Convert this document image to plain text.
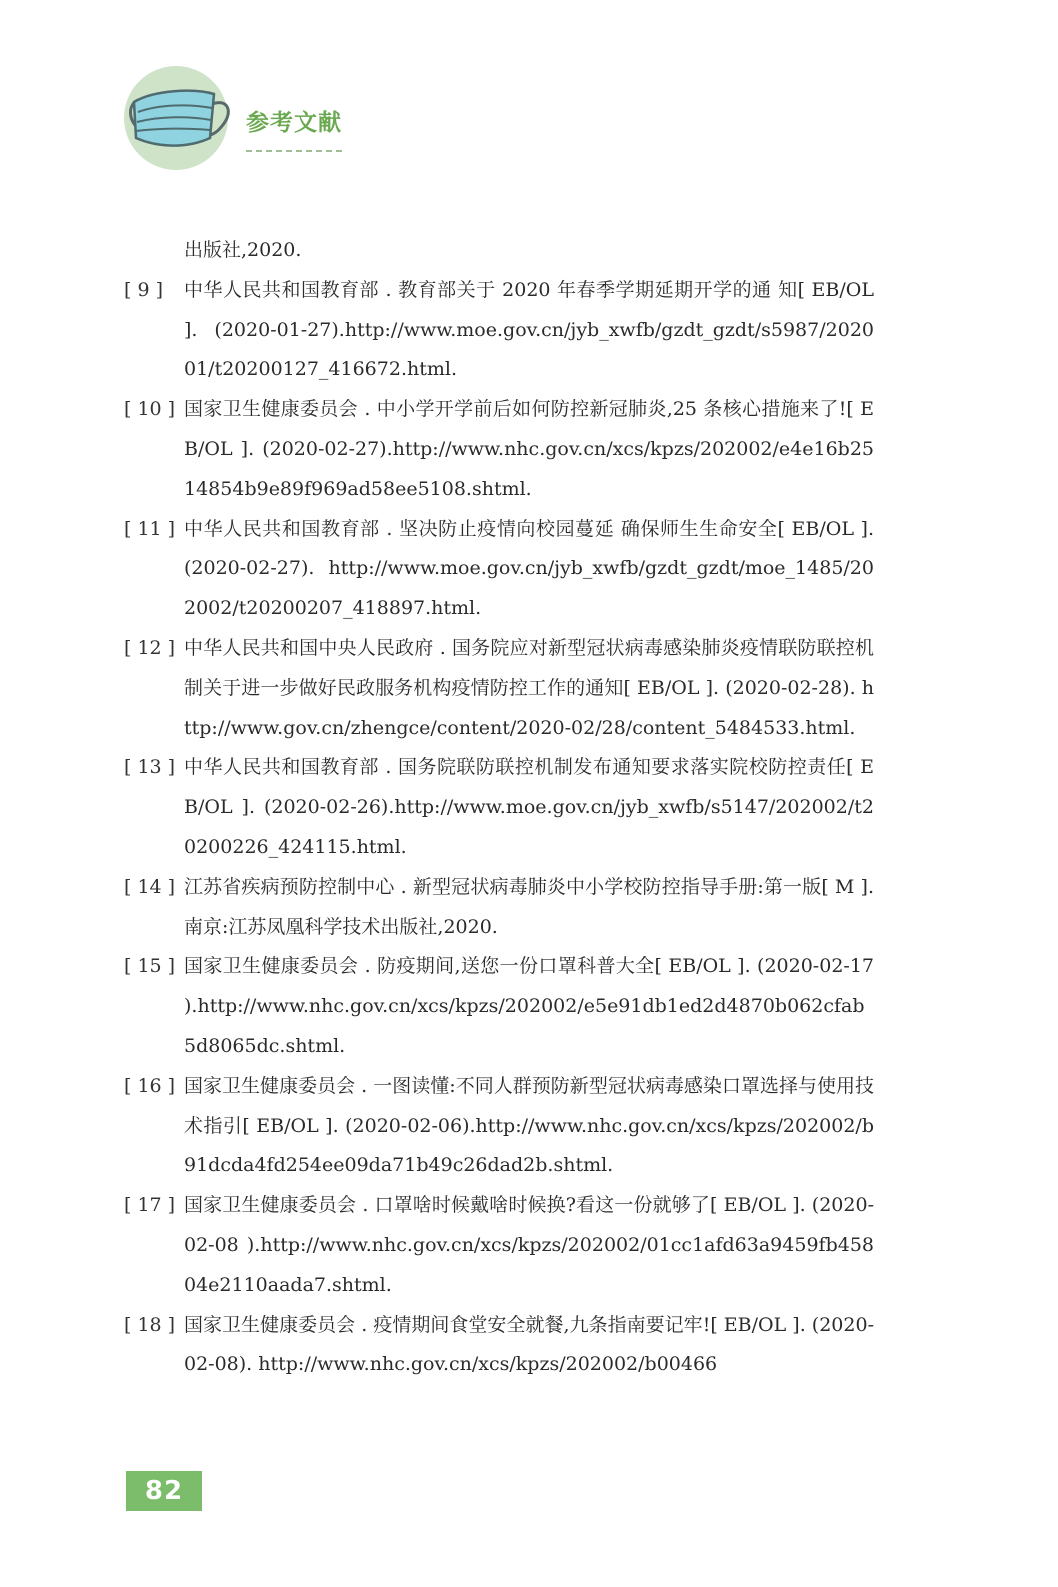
参考文献
出版社,2020.
[ 9 ] 中华人民共和国教育部 . 教育部关于 2020 年春季学期延期开学的通 知[ EB/OL ]. (2020-01-27).http://www.moe.gov.cn/jyb_xwfb/gzdt_gzdt/s5987/202001/t20200127_416672.html.
[ 10 ] 国家卫生健康委员会 . 中小学开学前后如何防控新冠肺炎,25 条核心措施来了![ EB/OL ]. (2020-02-27).http://www.nhc.gov.cn/xcs/kpzs/202002/e4e16b2514854b9e89f969ad58ee5108.shtml.
[ 11 ] 中华人民共和国教育部 . 坚决防止疫情向校园蔓延 确保师生生命安全[ EB/OL ]. (2020-02-27). http://www.moe.gov.cn/jyb_xwfb/gzdt_gzdt/moe_1485/202002/t20200207_418897.html.
[ 12 ] 中华人民共和国中央人民政府 . 国务院应对新型冠状病毒感染肺炎疫情联防联控机制关于进一步做好民政服务机构疫情防控工作的通知[ EB/OL ]. (2020-02-28). http://www.gov.cn/zhengce/content/2020-02/28/content_5484533.html.
[ 13 ] 中华人民共和国教育部 . 国务院联防联控机制发布通知要求落实院校防控责任[ EB/OL ]. (2020-02-26).http://www.moe.gov.cn/jyb_xwfb/s5147/202002/t20200226_424115.html.
[ 14 ] 江苏省疾病预防控制中心 . 新型冠状病毒肺炎中小学校防控指导手册:第一版[ M ]. 南京:江苏凤凰科学技术出版社,2020.
[ 15 ] 国家卫生健康委员会 . 防疫期间,送您一份口罩科普大全[ EB/OL ]. (2020-02-17 ).http://www.nhc.gov.cn/xcs/kpzs/202002/e5e91db1ed2d4870b062cfab5d8065dc.shtml.
[ 16 ] 国家卫生健康委员会 . 一图读懂:不同人群预防新型冠状病毒感染口罩选择与使用技术指引[ EB/OL ]. (2020-02-06).http://www.nhc.gov.cn/xcs/kpzs/202002/b91dcda4fd254ee09da71b49c26dad2b.shtml.
[ 17 ] 国家卫生健康委员会 . 口罩啥时候戴啥时候换?看这一份就够了[ EB/OL ]. (2020-02-08 ).http://www.nhc.gov.cn/xcs/kpzs/202002/01cc1afd63a9459fb45804e2110aada7.shtml.
[ 18 ] 国家卫生健康委员会 . 疫情期间食堂安全就餐,九条指南要记牢![ EB/OL ]. (2020-02-08). http://www.nhc.gov.cn/xcs/kpzs/202002/b00466
82
